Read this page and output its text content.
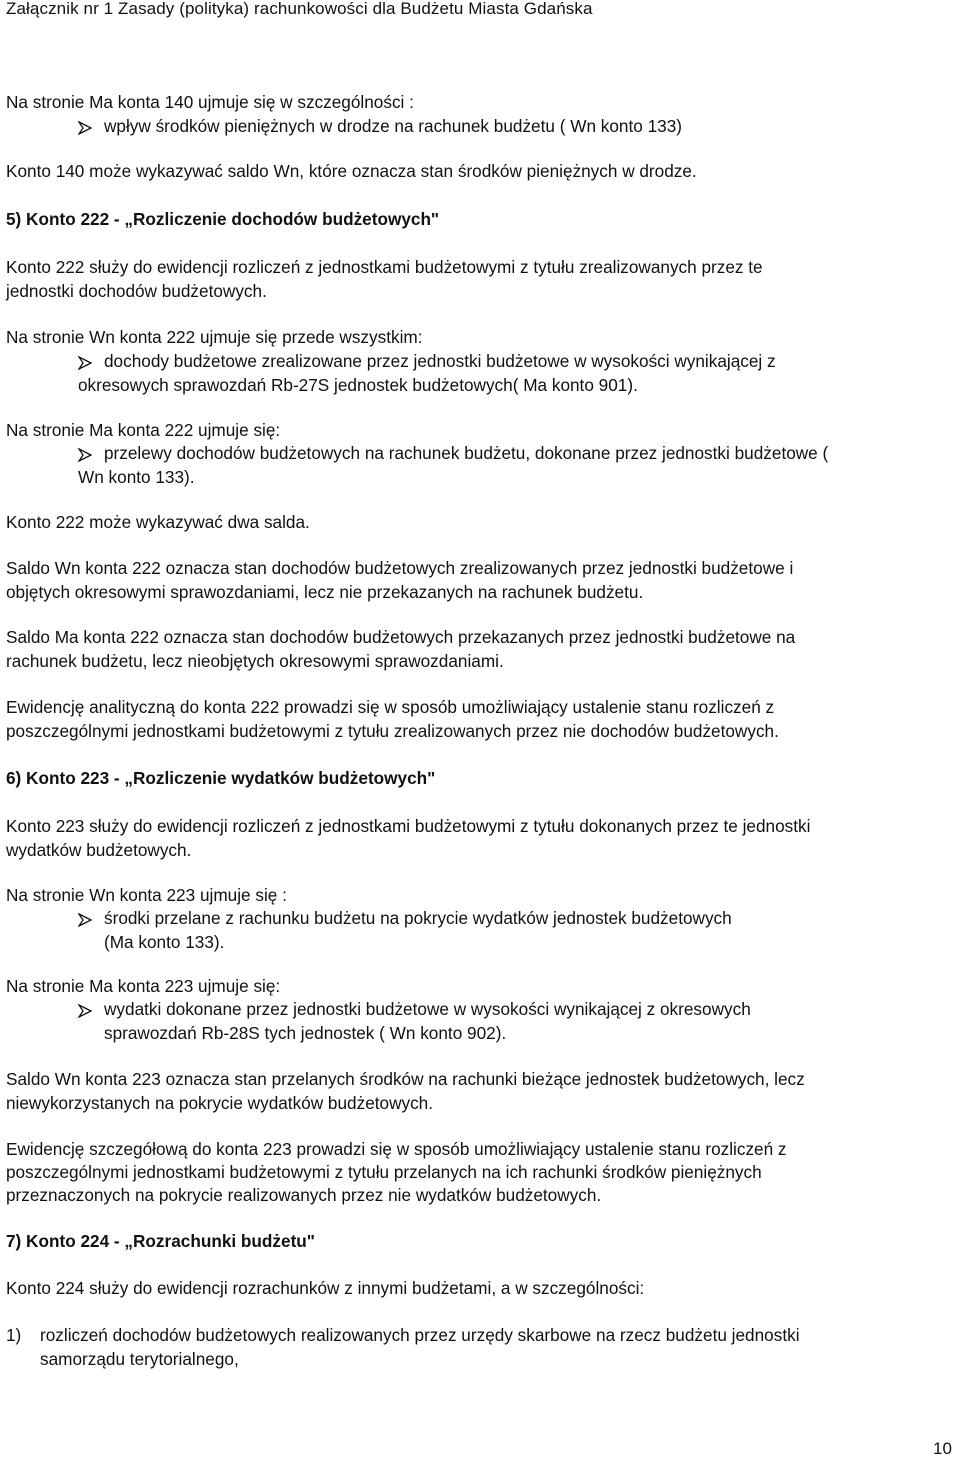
Załącznik nr 1 Zasady (polityka) rachunkowości dla Budżetu Miasta Gdańska
Na stronie Ma konta 140 ujmuje się w szczególności :
wpływ środków pieniężnych w drodze na rachunek budżetu ( Wn konto 133)
Konto 140 może wykazywać saldo Wn, które oznacza stan środków pieniężnych w drodze.
5) Konto 222 - „Rozliczenie dochodów budżetowych"
Konto 222 służy do ewidencji rozliczeń z jednostkami budżetowymi z tytułu zrealizowanych przez te
jednostki dochodów budżetowych.
Na stronie Wn konta 222 ujmuje się przede wszystkim:
dochody budżetowe zrealizowane przez jednostki budżetowe w wysokości wynikającej z
okresowych sprawozdań Rb-27S jednostek budżetowych( Ma konto 901).
Na stronie Ma konta 222 ujmuje się:
przelewy dochodów budżetowych na rachunek budżetu, dokonane przez jednostki budżetowe (
Wn konto 133).
Konto 222 może wykazywać dwa salda.
Saldo Wn konta 222 oznacza stan dochodów budżetowych zrealizowanych przez jednostki budżetowe i
objętych okresowymi sprawozdaniami, lecz nie przekazanych na rachunek budżetu.
Saldo Ma konta 222 oznacza stan dochodów budżetowych przekazanych przez jednostki budżetowe na
rachunek budżetu, lecz nieobjętych okresowymi sprawozdaniami.
Ewidencję analityczną do konta 222 prowadzi się w sposób umożliwiający ustalenie stanu rozliczeń z
poszczególnymi jednostkami budżetowymi z tytułu zrealizowanych przez nie dochodów budżetowych.
6) Konto 223 - „Rozliczenie wydatków budżetowych"
Konto 223 służy do ewidencji rozliczeń z jednostkami budżetowymi z tytułu dokonanych przez te jednostki
wydatków budżetowych.
Na stronie Wn konta 223 ujmuje się :
środki przelane z rachunku budżetu na pokrycie wydatków jednostek budżetowych
(Ma konto 133).
Na stronie Ma konta 223 ujmuje się:
wydatki dokonane przez jednostki budżetowe w wysokości wynikającej z okresowych
sprawozdań Rb-28S tych jednostek ( Wn konto 902).
Saldo Wn konta 223 oznacza stan przelanych środków na rachunki bieżące jednostek budżetowych, lecz
niewykorzystanych na pokrycie wydatków budżetowych.
Ewidencję szczegółową do konta 223 prowadzi się w sposób umożliwiający ustalenie stanu rozliczeń z
poszczególnymi jednostkami budżetowymi z tytułu przelanych na ich rachunki środków pieniężnych
przeznaczonych na pokrycie realizowanych przez nie wydatków budżetowych.
7) Konto 224 - „Rozrachunki budżetu"
Konto 224 służy do ewidencji rozrachunków z innymi budżetami, a w szczególności:
1) rozliczeń dochodów budżetowych realizowanych przez urzędy skarbowe na rzecz budżetu jednostki
samorządu terytorialnego,
10
